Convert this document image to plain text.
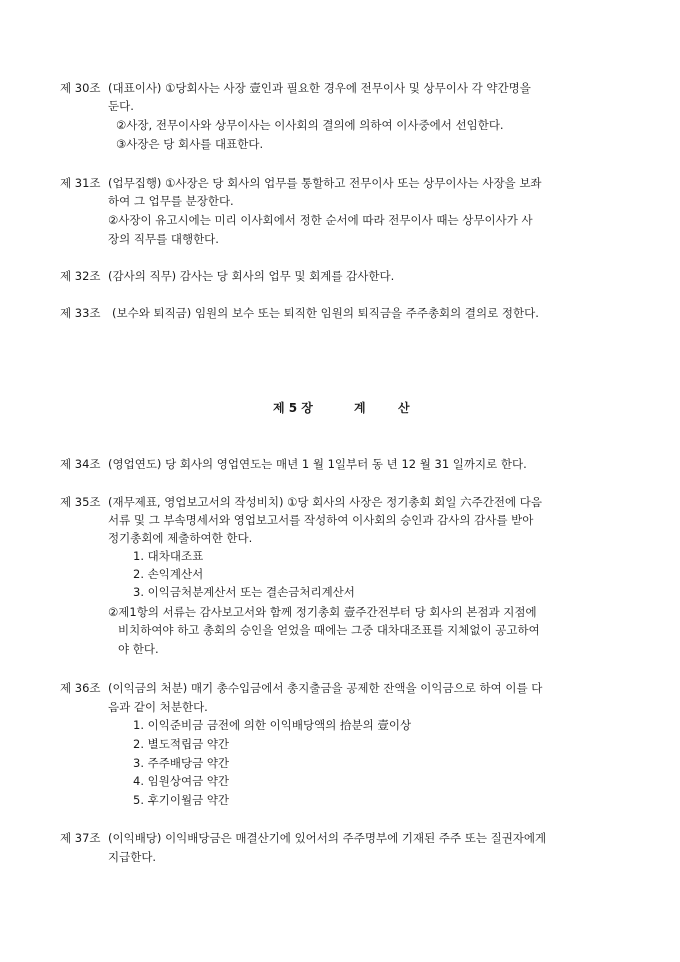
제 30조 (대표이사) ①당회사는 사장 壹인과 필요한 경우에 전무이사 및 상무이사 각 약간명을
둔다.
②사장, 전무이사와 상무이사는 이사회의 결의에 의하여 이사중에서 선임한다.
③사장은 당 회사를 대표한다.
제 31조 (업무집행) ①사장은 당 회사의 업무를 통할하고 전무이사 또는 상무이사는 사장을 보좌
하여 그 업무를 분장한다.
②사장이 유고시에는 미리 이사회에서 정한 순서에 따라 전무이사 때는 상무이사가 사
장의 직무를 대행한다.
제 32조 (감사의 직무) 감사는 당 회사의 업무 및 회계를 감사한다.
제 33조 (보수와 퇴직금) 임원의 보수 또는 퇴직한 임원의 퇴직금을 주주총회의 결의로 정한다.
제 5 장	계	산
제 34조 (영업연도) 당 회사의 영업연도는 매년 1 월 1일부터 동 년 12 월 31 일까지로 한다.
제 35조 (재무제표, 영업보고서의 작성비치) ①당 회사의 사장은 정기총회 회일 六주간전에 다음
서류 및 그 부속명세서와 영업보고서를 작성하여 이사회의 승인과 감사의 감사를 받아
정기총회에 제출하여한 한다.
1. 대차대조표
2. 손익계산서
3. 이익금처분계산서 또는 결손금처리계산서
②제1항의 서류는 감사보고서와 함께 정기총회 壹주간전부터 당 회사의 본점과 지점에
비치하여야 하고 총회의 승인을 얻었을 때에는 그중 대차대조표를 지체없이 공고하여
야 한다.
제 36조 (이익금의 처분) 매기 총수입금에서 총지출금을 공제한 잔액을 이익금으로 하여 이를 다
음과 같이 처분한다.
1. 이익준비금 금전에 의한 이익배당액의 拾분의 壹이상
2. 별도적립금 약간
3. 주주배당금 약간
4. 임원상여금 약간
5. 후기이월금 약간
제 37조 (이익배당) 이익배당금은 매결산기에 있어서의 주주명부에 기재된 주주 또는 질권자에게
지급한다.
